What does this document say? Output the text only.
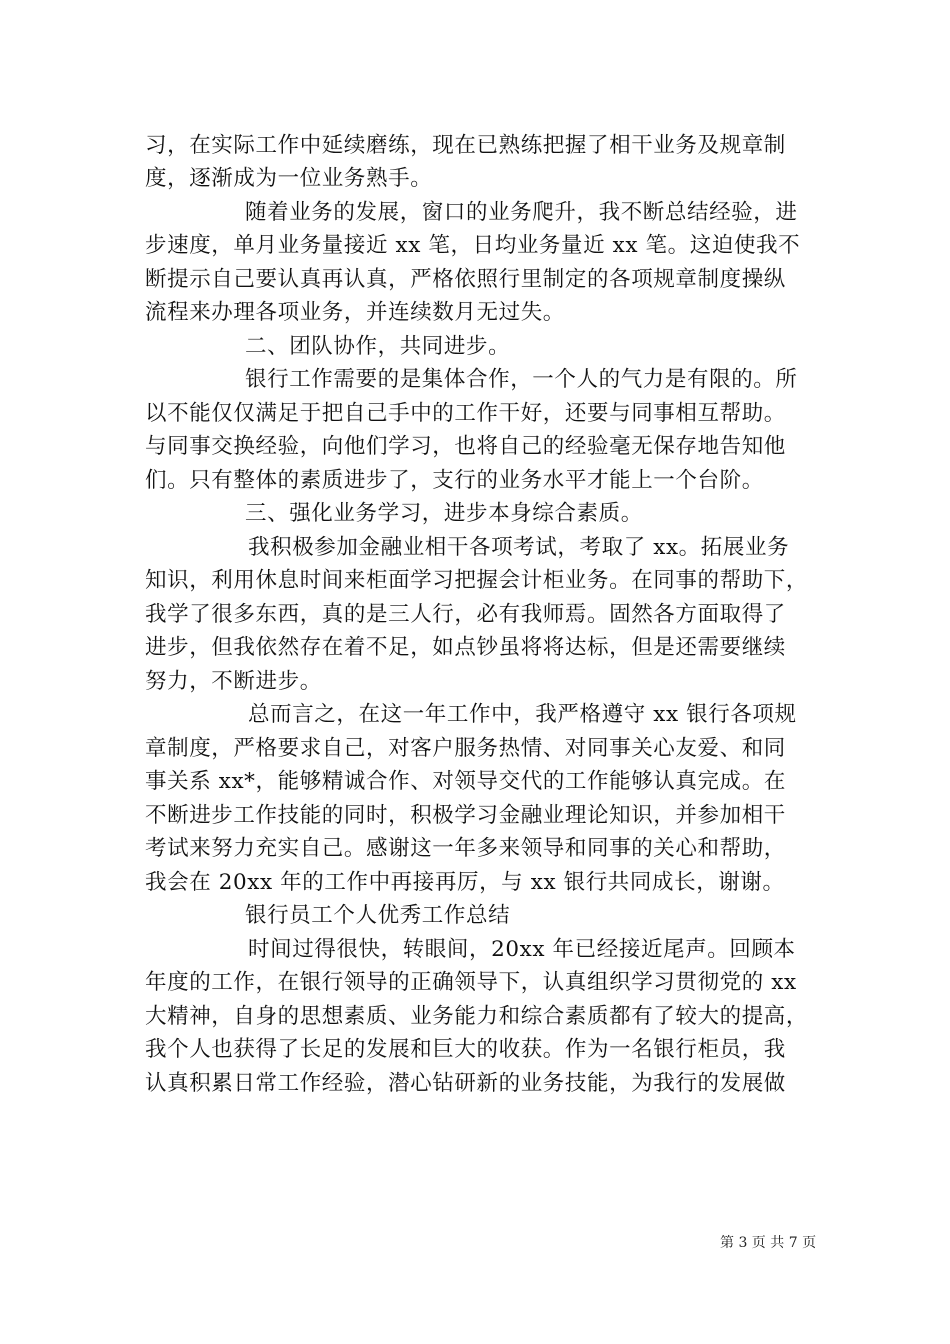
习，在实际工作中延续磨练，现在已熟练把握了相干业务及规章制
度，逐渐成为一位业务熟手。
随着业务的发展，窗口的业务爬升，我不断总结经验，进
步速度，单月业务量接近 xx 笔，日均业务量近 xx 笔。这迫使我不
断提示自己要认真再认真，严格依照行里制定的各项规章制度操纵
流程来办理各项业务，并连续数月无过失。
二、团队协作，共同进步。
银行工作需要的是集体合作，一个人的气力是有限的。所
以不能仅仅满足于把自己手中的工作干好，还要与同事相互帮助。
与同事交换经验，向他们学习，也将自己的经验毫无保存地告知他
们。只有整体的素质进步了，支行的业务水平才能上一个台阶。
三、强化业务学习，进步本身综合素质。
我积极参加金融业相干各项考试，考取了 xx。拓展业务
知识，利用休息时间来柜面学习把握会计柜业务。在同事的帮助下，
我学了很多东西，真的是三人行，必有我师焉。固然各方面取得了
进步，但我依然存在着不足，如点钞虽将将达标，但是还需要继续
努力，不断进步。
总而言之，在这一年工作中，我严格遵守 xx 银行各项规
章制度，严格要求自己，对客户服务热情、对同事关心友爱、和同
事关系 xx*，能够精诚合作、对领导交代的工作能够认真完成。在
不断进步工作技能的同时，积极学习金融业理论知识，并参加相干
考试来努力充实自己。感谢这一年多来领导和同事的关心和帮助，
我会在 20xx 年的工作中再接再厉，与 xx 银行共同成长，谢谢。
银行员工个人优秀工作总结
时间过得很快，转眼间，20xx 年已经接近尾声。回顾本
年度的工作，在银行领导的正确领导下，认真组织学习贯彻党的 xx
大精神，自身的思想素质、业务能力和综合素质都有了较大的提高，
我个人也获得了长足的发展和巨大的收获。作为一名银行柜员，我
认真积累日常工作经验，潜心钻研新的业务技能，为我行的发展做
第 3 页 共 7 页
